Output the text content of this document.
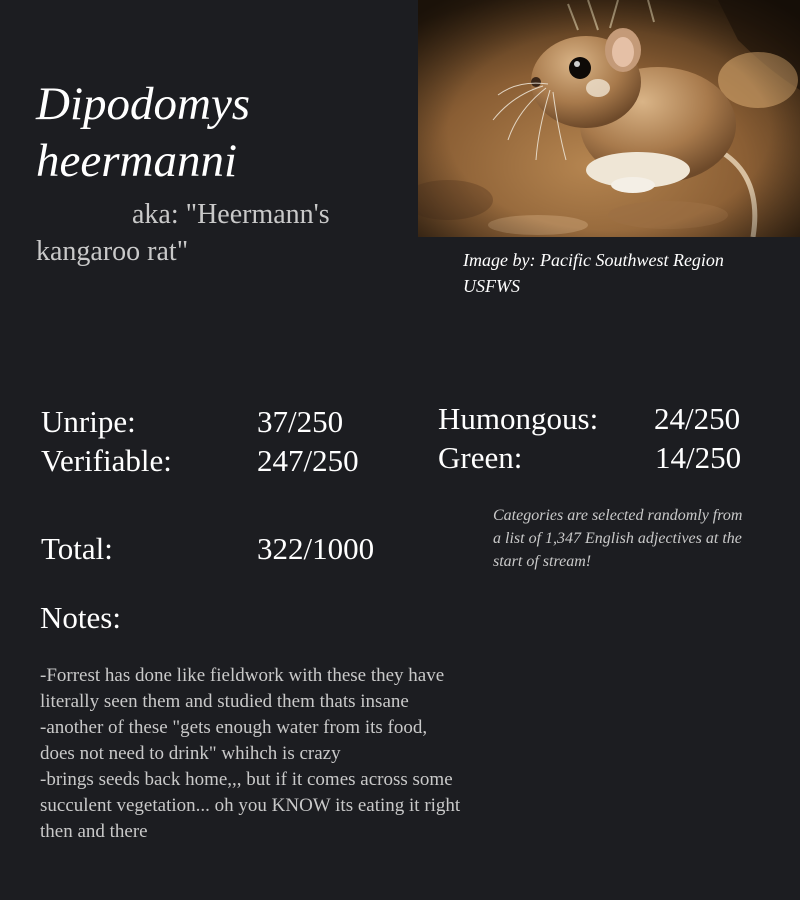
Dipodomys
heermanni

aka: "Heermann's kangaroo rat"	Image by: Pacific Southwest Region USFWS
Unripe:	37/250
Verifiable:	247/250
Humongous: 24/250
Green:	14/250
Total:	322/1000
Categories are selected randomly from a list of 1,347 English adjectives at the start of stream!
Notes:
-Forrest has done like fieldwork with these they have
literally seen them and studied them thats insane
-another of these "gets enough water from its food,
does not need to drink" whihch is crazy
-brings seeds back home,,, but if it comes across some
succulent vegetation... oh you KNOW its eating it right
then and there
